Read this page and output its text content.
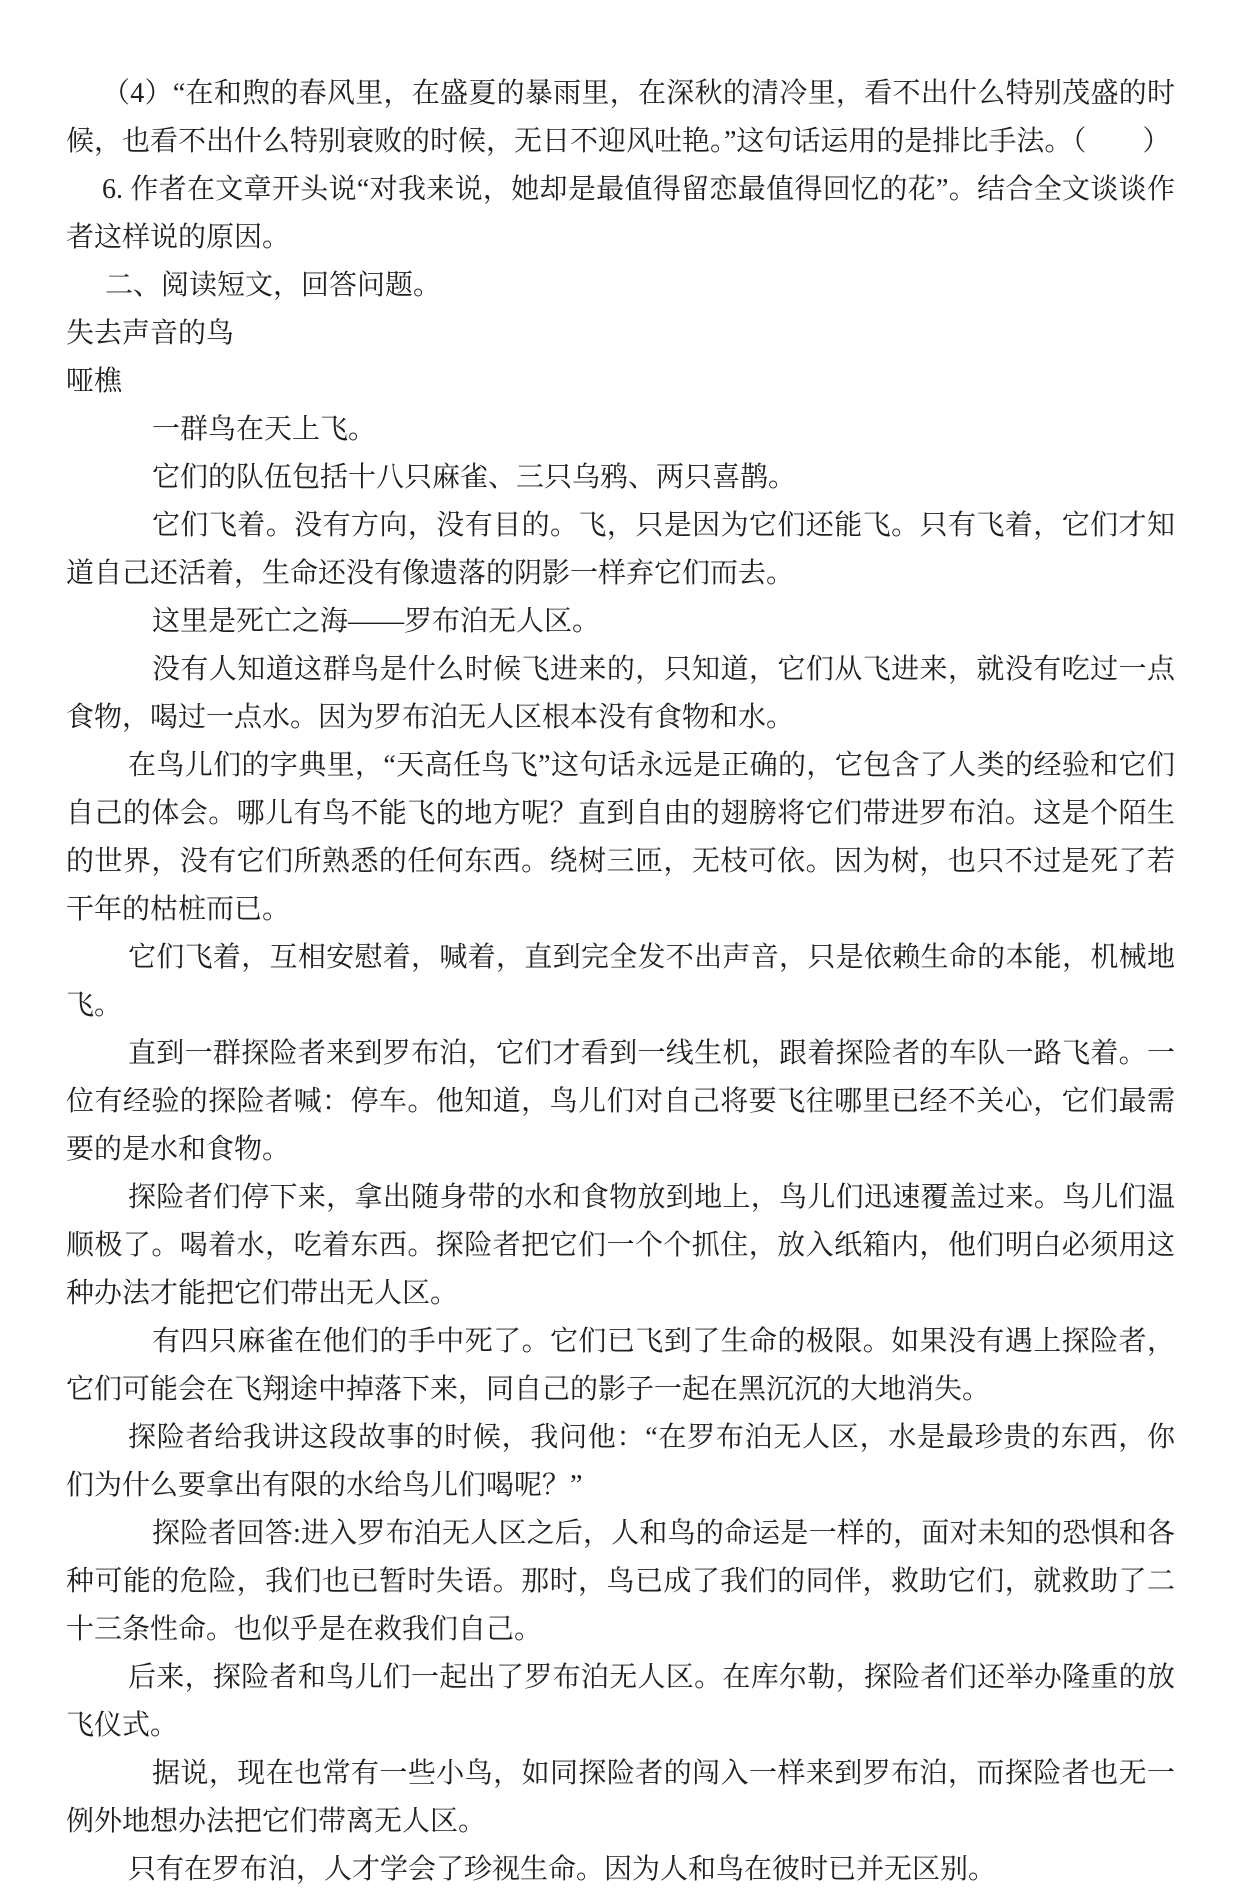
（4）“在和煦的春风里，在盛夏的暴雨里，在深秋的清冷里，看不出什么特别茂盛的时候，也看不出什么特别衰败的时候，无日不迎风吐艳。”这句话运用的是排比手法。（　　）

6. 作者在文章开头说“对我来说，她却是最值得留恋最值得回忆的花”。结合全文谈谈作者这样说的原因。

二、阅读短文，回答问题。

失去声音的鸟

哑樵

一群鸟在天上飞。

它们的队伍包括十八只麻雀、三只乌鸦、两只喜鹊。

它们飞着。没有方向，没有目的。飞，只是因为它们还能飞。只有飞着，它们才知道自己还活着，生命还没有像遗落的阴影一样弃它们而去。

这里是死亡之海——罗布泊无人区。

没有人知道这群鸟是什么时候飞进来的，只知道，它们从飞进来，就没有吃过一点食物，喝过一点水。因为罗布泊无人区根本没有食物和水。

在鸟儿们的字典里，“天高任鸟飞”这句话永远是正确的，它包含了人类的经验和它们自己的体会。哪儿有鸟不能飞的地方呢？直到自由的翅膀将它们带进罗布泊。这是个陌生的世界，没有它们所熟悉的任何东西。绕树三匝，无枝可依。因为树，也只不过是死了若干年的枯桩而已。

它们飞着，互相安慰着，喊着，直到完全发不出声音，只是依赖生命的本能，机械地飞。

直到一群探险者来到罗布泊，它们才看到一线生机，跟着探险者的车队一路飞着。一位有经验的探险者喊：停车。他知道，鸟儿们对自己将要飞往哪里已经不关心，它们最需要的是水和食物。

探险者们停下来，拿出随身带的水和食物放到地上，鸟儿们迅速覆盖过来。鸟儿们温顺极了。喝着水，吃着东西。探险者把它们一个个抓住，放入纸箱内，他们明白必须用这种办法才能把它们带出无人区。

有四只麻雀在他们的手中死了。它们已飞到了生命的极限。如果没有遇上探险者，它们可能会在飞翔途中掉落下来，同自己的影子一起在黑沉沉的大地消失。

探险者给我讲这段故事的时候，我问他：“在罗布泊无人区，水是最珍贵的东西，你们为什么要拿出有限的水给鸟儿们喝呢？”

探险者回答:进入罗布泊无人区之后，人和鸟的命运是一样的，面对未知的恐惧和各种可能的危险，我们也已暂时失语。那时，鸟已成了我们的同伴，救助它们，就救助了二十三条性命。也似乎是在救我们自己。

后来，探险者和鸟儿们一起出了罗布泊无人区。在库尔勒，探险者们还举办隆重的放飞仪式。

据说，现在也常有一些小鸟，如同探险者的闯入一样来到罗布泊，而探险者也无一例外地想办法把它们带离无人区。

只有在罗布泊，人才学会了珍视生命。因为人和鸟在彼时已并无区别。
